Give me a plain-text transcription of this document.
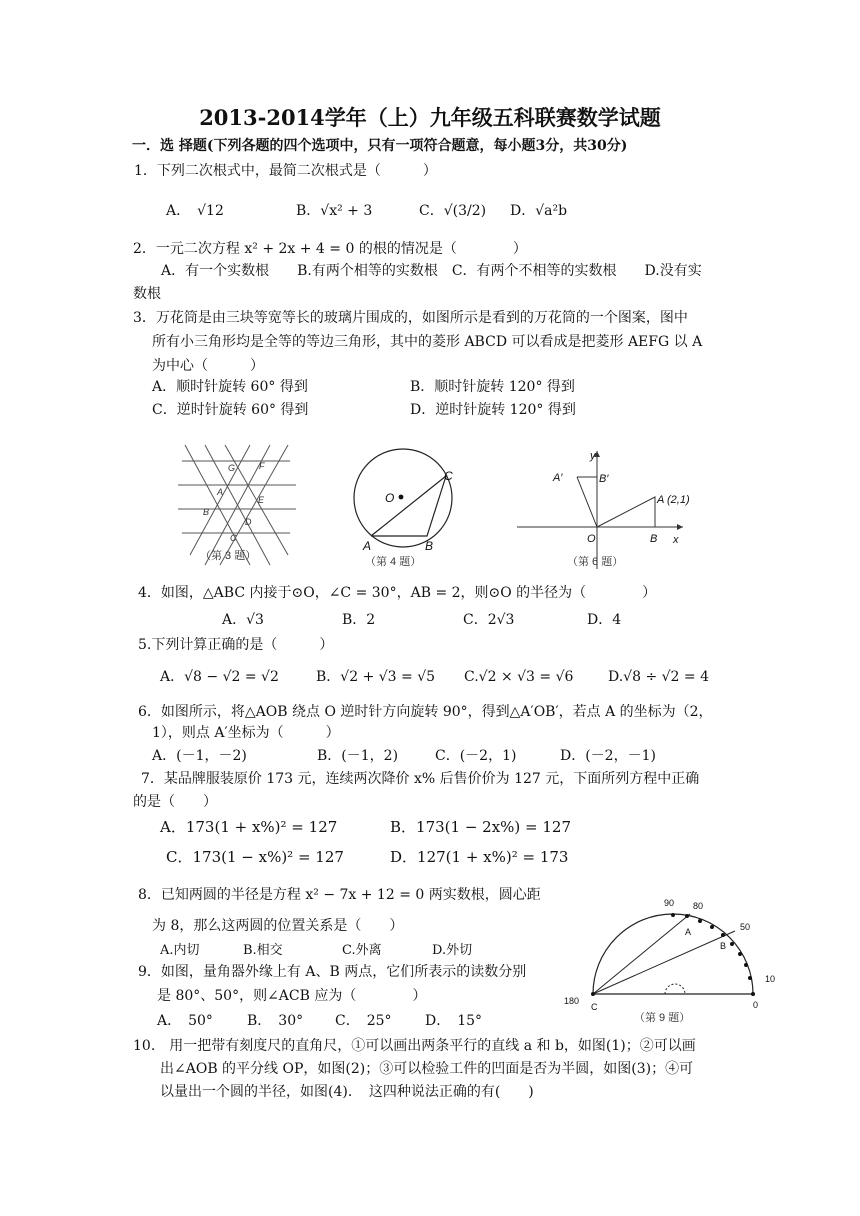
2013-2014学年（上）九年级五科联赛数学试题
一．选 择题(下列各题的四个选项中，只有一项符合题意，每小题3分，共30分)
1．下列二次根式中，最简二次根式是（　　　）
A．　√12	B．√x² + 3	C．√(3/2) D．√a²b
2．一元二次方程 x² + 2x + 4 = 0 的根的情况是（　　　　）
A．有一个实数根　　B.有两个相等的实数根　C．有两个不相等的实数根　　D.没有实
数根
3．万花筒是由三块等宽等长的玻璃片围成的，如图所示是看到的万花筒的一个图案，图中
所有小三角形均是全等的等边三角形，其中的菱形 ABCD 可以看成是把菱形 AEFG 以 A
为中心（　　　）
A．顺时针旋转 60° 得到	B．顺时针旋转 120° 得到
C．逆时针旋转 60° 得到	D．逆时针旋转 120° 得到
G	F
A
E
B
D
C
（第 3 题）
O
A	B
C
（第 4 题）
y
x
O
A′	B′
A (2,1)
B
（第 6 题）
4．如图，△ABC 内接于⊙O，∠C = 30°，AB = 2，则⊙O 的半径为（　　　　）
A．√3	B．2	C．2√3	D．4
5.下列计算正确的是（　　　）
A．√8 − √2 = √2	B．√2 + √3 = √5 C.√2 × √3 = √6 D.√8 ÷ √2 = 4
6．如图所示，将△AOB 绕点 O 逆时针方向旋转 90°，得到△A′OB′，若点 A 的坐标为（2，
1），则点 A′坐标为（　　　）
A．(－1，－2)	B．(－1，2)	C．(－2，1)	D．(－2，－1)
7．某品牌服装原价 173 元，连续两次降价 x% 后售价价为 127 元，下面所列方程中正确
的是（　　）
A．173(1 + x%)² = 127	B．173(1 − 2x%) = 127
C．173(1 − x%)² = 127	D．127(1 + x%)² = 173
8．已知两圆的半径是方程 x² − 7x + 12 = 0 两实数根，圆心距
为 8，那么这两圆的位置关系是（　　）
A.内切	B.相交	C.外离	D.外切
9．如图，量角器外缘上有 A、B 两点，它们所表示的读数分别
是 80°、50°，则∠ACB 应为（　　　　）
A．　50° B．　30° C．　25° D．　15°
90 80
50
10
0
180
A
B
C
（第 9 题）
10.　用一把带有刻度尺的直角尺，①可以画出两条平行的直线 a 和 b，如图(1)；②可以画
出∠AOB 的平分线 OP，如图(2)；③可以检验工件的凹面是否为半圆，如图(3)；④可
以量出一个圆的半径，如图(4)．　这四种说法正确的有(　　)
